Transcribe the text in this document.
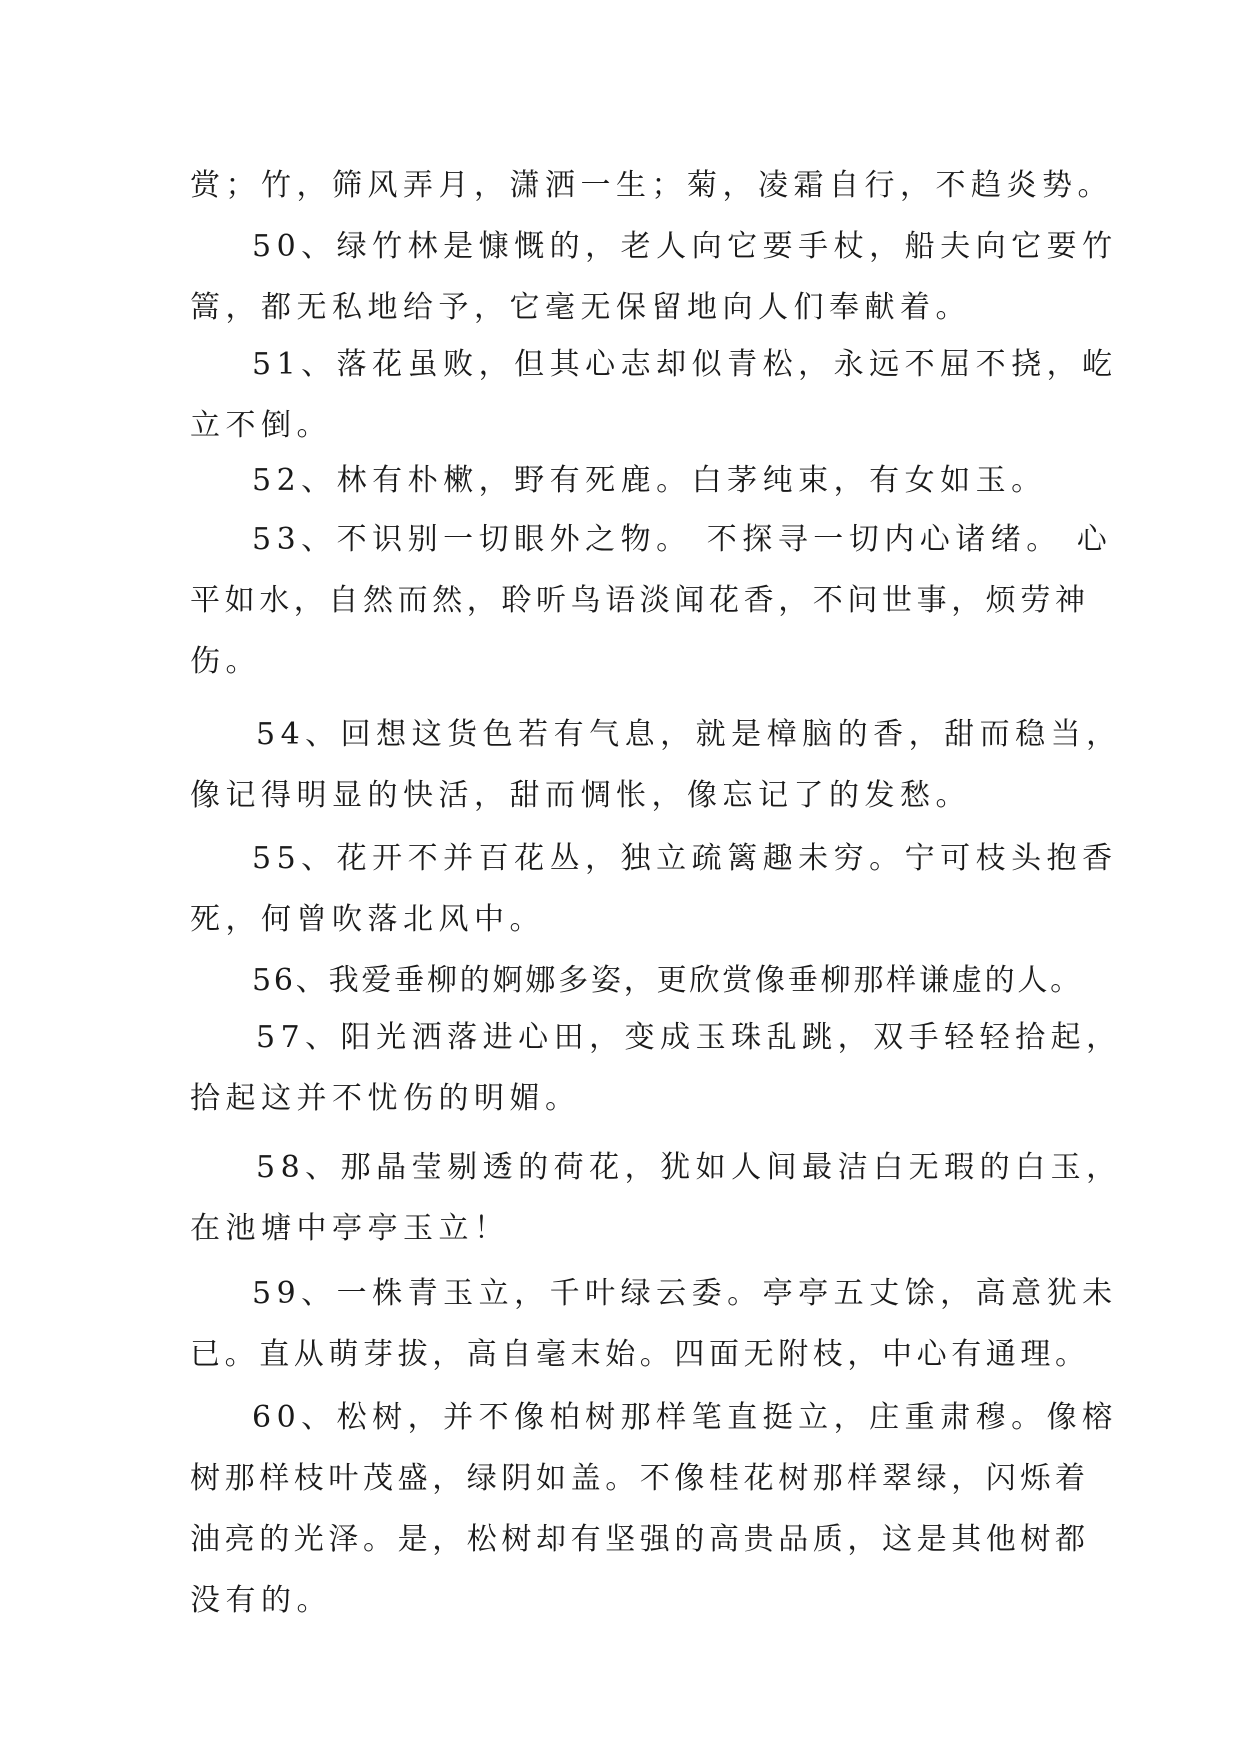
赏；竹，筛风弄月，潇洒一生；菊，凌霜自行，不趋炎势。
50、绿竹林是慷慨的，老人向它要手杖，船夫向它要竹
篙，都无私地给予，它毫无保留地向人们奉献着。
51、落花虽败，但其心志却似青松，永远不屈不挠，屹
立不倒。
52、林有朴樕，野有死鹿。白茅纯束，有女如玉。
53、不识别一切眼外之物。 不探寻一切内心诸绪。 心
平如水，自然而然，聆听鸟语淡闻花香，不问世事，烦劳神
伤。
54、回想这货色若有气息，就是樟脑的香，甜而稳当，
像记得明显的快活，甜而惆怅，像忘记了的发愁。
55、花开不并百花丛，独立疏篱趣未穷。宁可枝头抱香
死，何曾吹落北风中。
56、我爱垂柳的婀娜多姿，更欣赏像垂柳那样谦虚的人。
57、阳光洒落进心田，变成玉珠乱跳，双手轻轻拾起，
拾起这并不忧伤的明媚。
58、那晶莹剔透的荷花，犹如人间最洁白无瑕的白玉，
在池塘中亭亭玉立！
59、一株青玉立，千叶绿云委。亭亭五丈馀，高意犹未
已。直从萌芽拔，高自毫末始。四面无附枝，中心有通理。
60、松树，并不像柏树那样笔直挺立，庄重肃穆。像榕
树那样枝叶茂盛，绿阴如盖。不像桂花树那样翠绿，闪烁着
油亮的光泽。是，松树却有坚强的高贵品质，这是其他树都
没有的。
